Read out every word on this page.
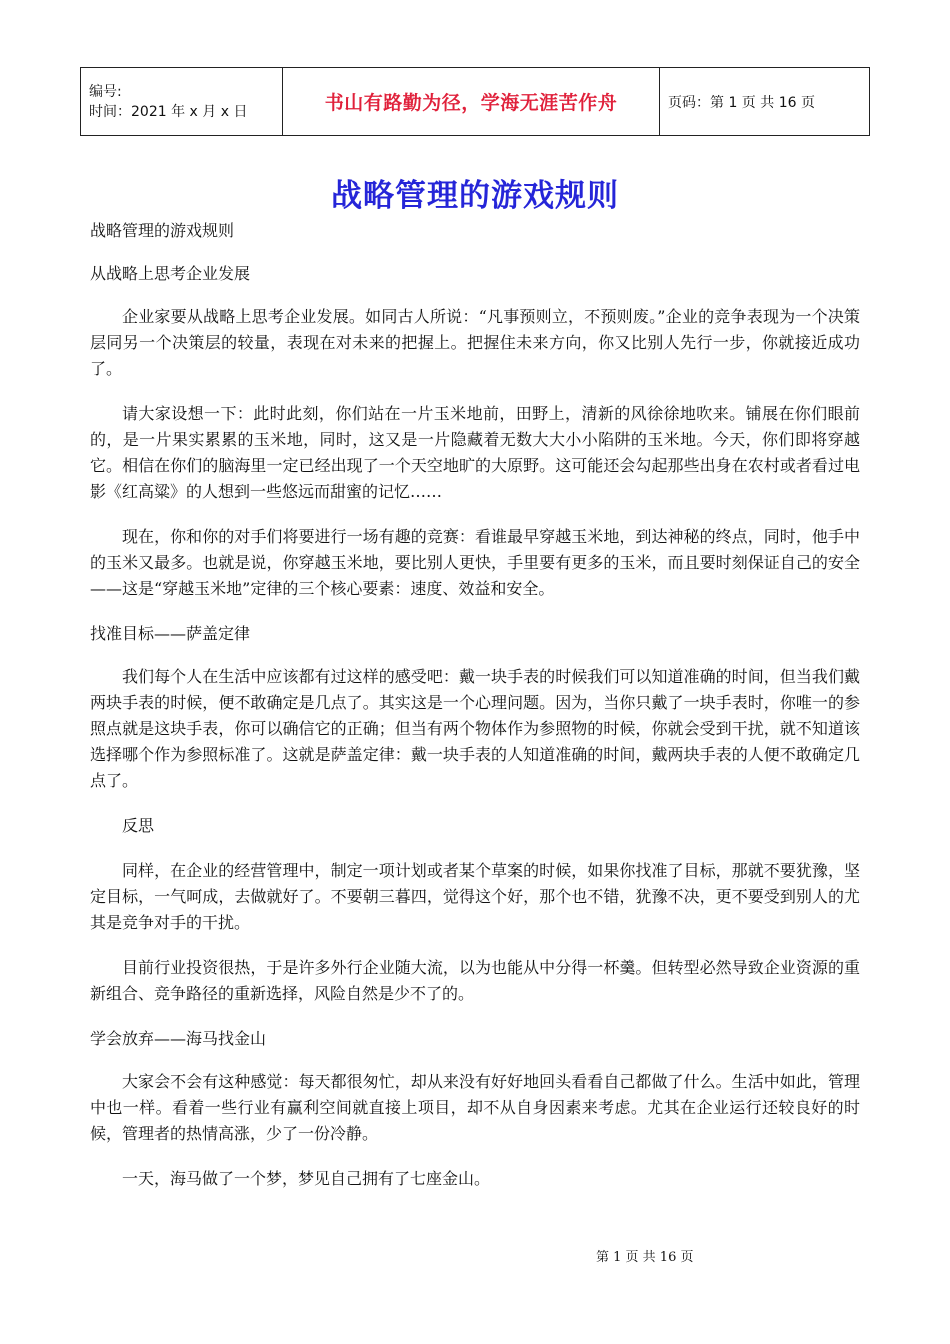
编号:
时间：2021 年 x 月 x 日	书山有路勤为径，学海无涯苦作舟	页码：第 1 页 共 16 页
战略管理的游戏规则

战略管理的游戏规则

从战略上思考企业发展

企业家要从战略上思考企业发展。如同古人所说：“凡事预则立，不预则废。”企业的竞争表现为一个决策层同另一个决策层的较量，表现在对未来的把握上。把握住未来方向，你又比别人先行一步，你就接近成功了。

请大家设想一下：此时此刻，你们站在一片玉米地前，田野上，清新的风徐徐地吹来。铺展在你们眼前的，是一片果实累累的玉米地，同时，这又是一片隐藏着无数大大小小陷阱的玉米地。今天，你们即将穿越它。相信在你们的脑海里一定已经出现了一个天空地旷的大原野。这可能还会勾起那些出身在农村或者看过电影《红高粱》的人想到一些悠远而甜蜜的记忆……

现在，你和你的对手们将要进行一场有趣的竞赛：看谁最早穿越玉米地，到达神秘的终点，同时，他手中的玉米又最多。也就是说，你穿越玉米地，要比别人更快，手里要有更多的玉米，而且要时刻保证自己的安全——这是“穿越玉米地”定律的三个核心要素：速度、效益和安全。

找准目标——萨盖定律

我们每个人在生活中应该都有过这样的感受吧：戴一块手表的时候我们可以知道准确的时间，但当我们戴两块手表的时候，便不敢确定是几点了。其实这是一个心理问题。因为，当你只戴了一块手表时，你唯一的参照点就是这块手表，你可以确信它的正确；但当有两个物体作为参照物的时候，你就会受到干扰，就不知道该选择哪个作为参照标准了。这就是萨盖定律：戴一块手表的人知道准确的时间，戴两块手表的人便不敢确定几点了。

反思

同样，在企业的经营管理中，制定一项计划或者某个草案的时候，如果你找准了目标，那就不要犹豫，坚定目标，一气呵成，去做就好了。不要朝三暮四，觉得这个好，那个也不错，犹豫不决，更不要受到别人的尤其是竞争对手的干扰。

目前行业投资很热，于是许多外行企业随大流，以为也能从中分得一杯羹。但转型必然导致企业资源的重新组合、竞争路径的重新选择，风险自然是少不了的。

学会放弃——海马找金山

大家会不会有这种感觉：每天都很匆忙，却从来没有好好地回头看看自己都做了什么。生活中如此，管理中也一样。看着一些行业有赢利空间就直接上项目，却不从自身因素来考虑。尤其在企业运行还较良好的时候，管理者的热情高涨，少了一份冷静。

一天，海马做了一个梦，梦见自己拥有了七座金山。

第 1 页 共 16 页
